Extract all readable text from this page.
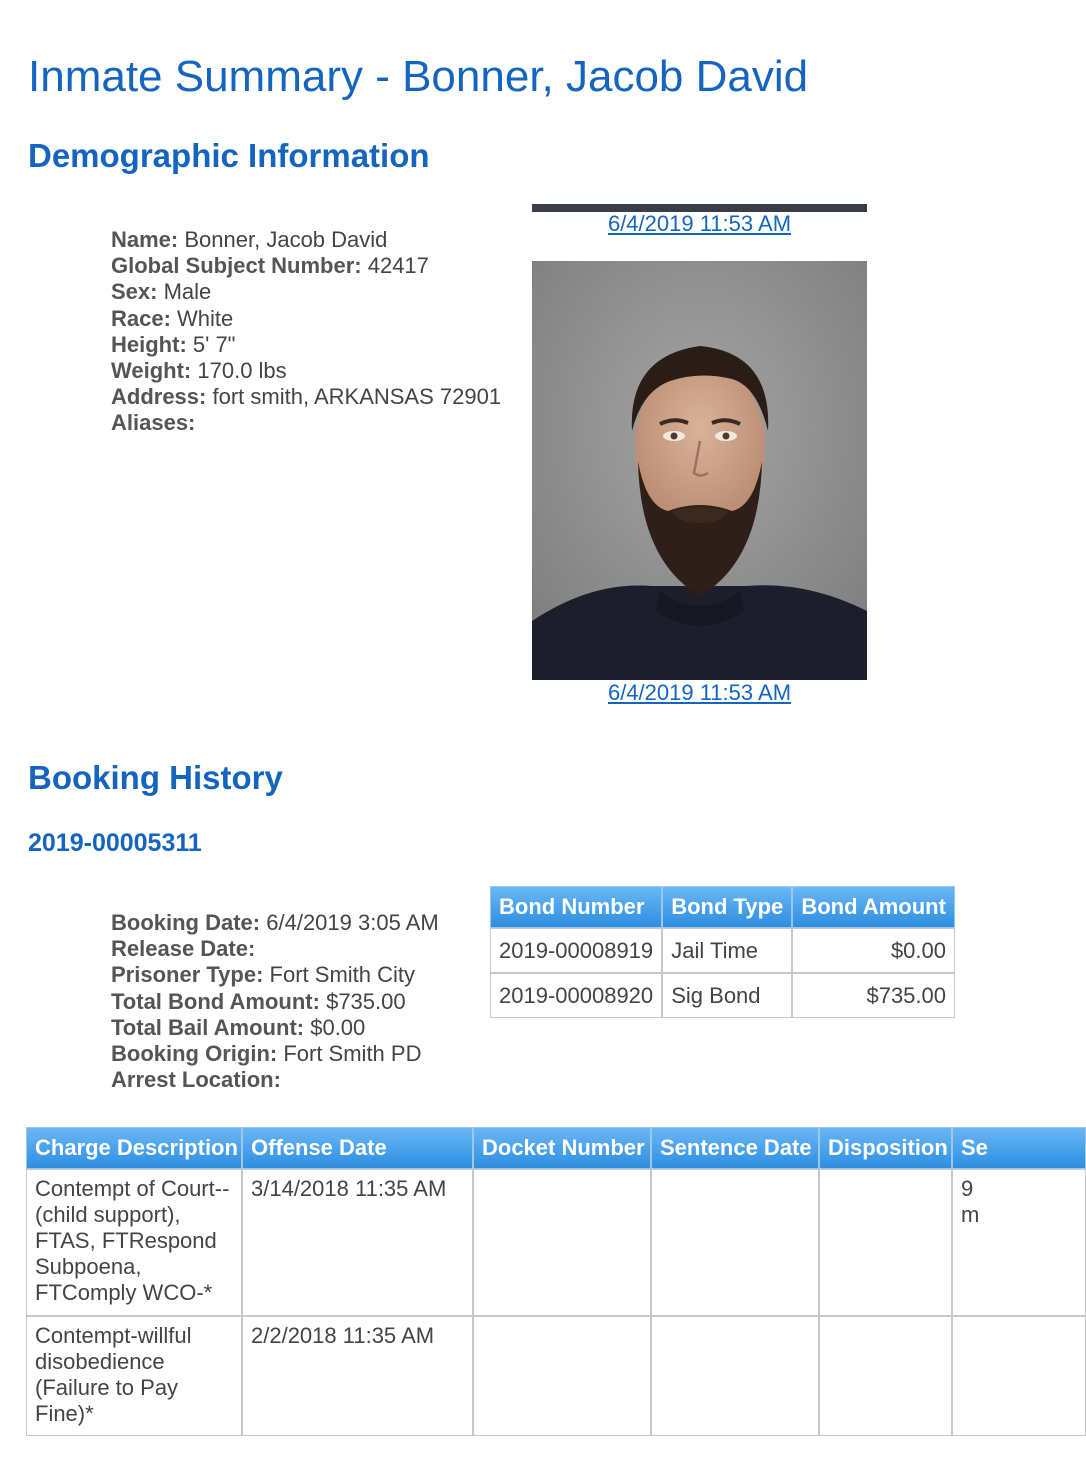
Inmate Summary - Bonner, Jacob David
Demographic Information
Name: Bonner, Jacob David
Global Subject Number: 42417
Sex: Male
Race: White
Height: 5' 7"
Weight: 170.0 lbs
Address: fort smith, ARKANSAS 72901
Aliases:
6/4/2019 11:53 AM
6/4/2019 11:53 AM
Booking History
2019-00005311
Booking Date: 6/4/2019 3:05 AM
Release Date:
Prisoner Type: Fort Smith City
Total Bond Amount: $735.00
Total Bail Amount: $0.00
Booking Origin: Fort Smith PD
Arrest Location:
Bond Number	Bond Type	Bond Amount
2019-00008919	Jail Time	$0.00
2019-00008920	Sig Bond	$735.00
Charge Description	Offense Date	Docket Number	Sentence Date	Disposition	Se
Contempt of Court--(child support), FTAS, FTRespond Subpoena, FTComply WCO-*	3/14/2018 11:35 AM				9 m
Contempt-willful disobedience (Failure to Pay Fine)*	2/2/2018 11:35 AM				
